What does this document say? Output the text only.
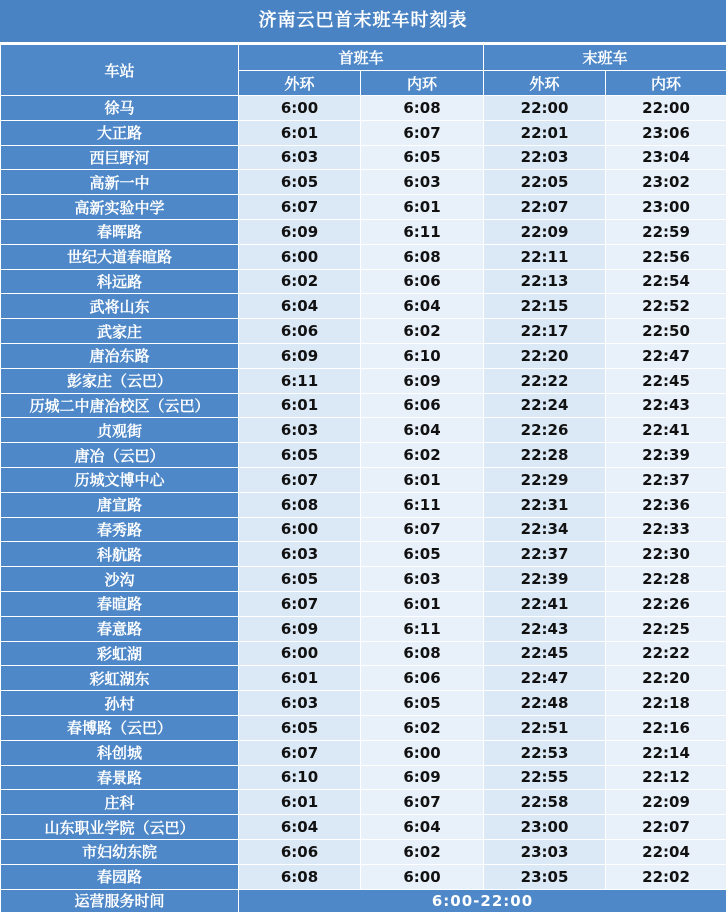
济南云巴首末班车时刻表
车站	首班车		末班车	
	外环	内环	外环	内环
徐马	6:00	6:08	22:00	22:00
大正路	6:01	6:07	22:01	23:06
西巨野河	6:03	6:05	22:03	23:04
高新一中	6:05	6:03	22:05	23:02
高新实验中学	6:07	6:01	22:07	23:00
春晖路	6:09	6:11	22:09	22:59
世纪大道春暄路	6:00	6:08	22:11	22:56
科远路	6:02	6:06	22:13	22:54
武将山东	6:04	6:04	22:15	22:52
武家庄	6:06	6:02	22:17	22:50
唐冶东路	6:09	6:10	22:20	22:47
彭家庄（云巴）	6:11	6:09	22:22	22:45
历城二中唐冶校区（云巴）	6:01	6:06	22:24	22:43
贞观街	6:03	6:04	22:26	22:41
唐冶（云巴）	6:05	6:02	22:28	22:39
历城文博中心	6:07	6:01	22:29	22:37
唐宣路	6:08	6:11	22:31	22:36
春秀路	6:00	6:07	22:34	22:33
科航路	6:03	6:05	22:37	22:30
沙沟	6:05	6:03	22:39	22:28
春暄路	6:07	6:01	22:41	22:26
春意路	6:09	6:11	22:43	22:25
彩虹湖	6:00	6:08	22:45	22:22
彩虹湖东	6:01	6:06	22:47	22:20
孙村	6:03	6:05	22:48	22:18
春博路（云巴）	6:05	6:02	22:51	22:16
科创城	6:07	6:00	22:53	22:14
春景路	6:10	6:09	22:55	22:12
庄科	6:01	6:07	22:58	22:09
山东职业学院（云巴）	6:04	6:04	23:00	22:07
市妇幼东院	6:06	6:02	23:03	22:04
春园路	6:08	6:00	23:05	22:02
运营服务时间	6:00-22:00			
